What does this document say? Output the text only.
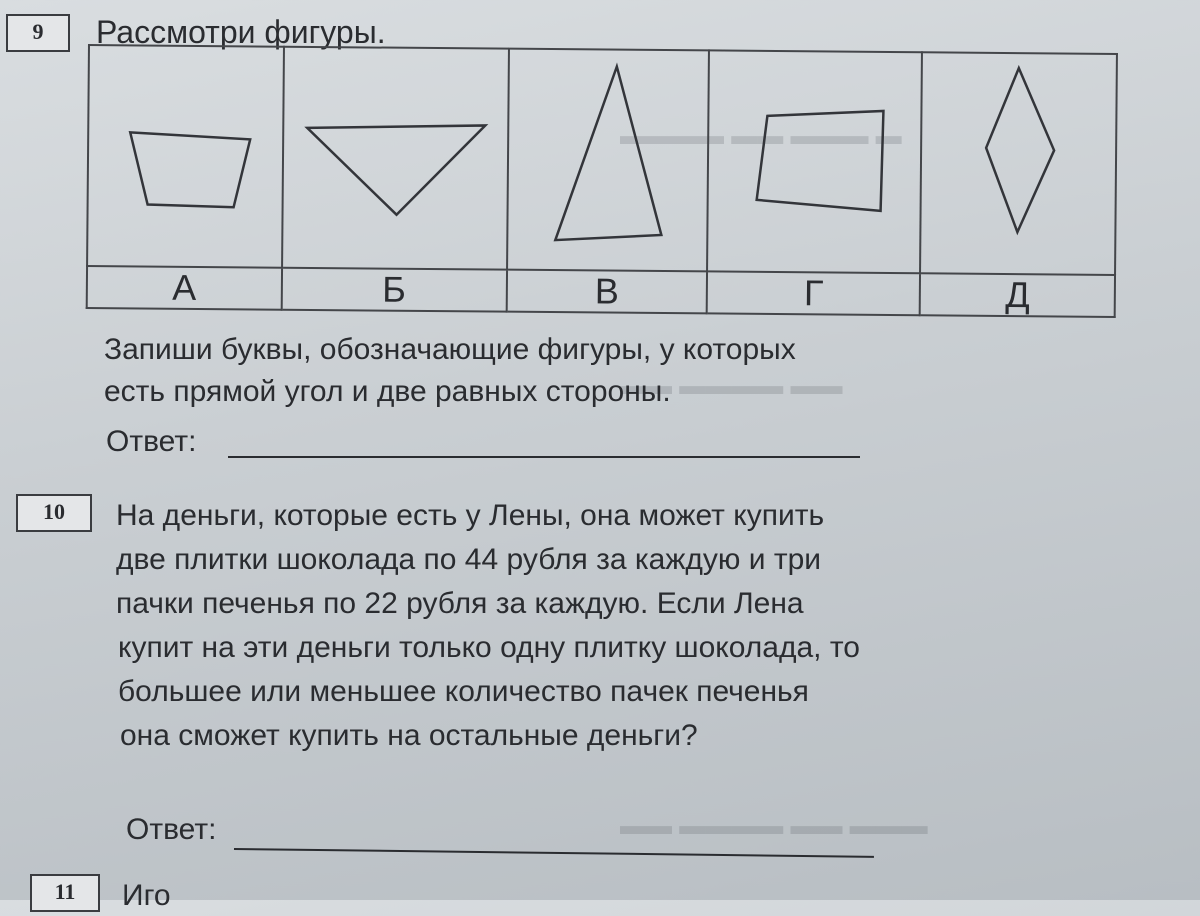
▬ ▬▬▬ ▬▬ ▬▬▬▬
▬▬ ▬▬▬▬ ▬▬
▬▬▬ ▬▬ ▬▬▬▬ ▬▬
9	Рассмотри фигуры.

А	Б	В	Г	Д
Запиши буквы, обозначающие фигуры, у которых
есть прямой угол и две равных стороны.
Ответ:
10	На деньги, которые есть у Лены, она может купить
две плитки шоколада по 44 рубля за каждую и три
пачки печенья по 22 рубля за каждую. Если Лена
купит на эти деньги только одну плитку шоколада, то
большее или меньшее количество пачек печенья
она сможет купить на остальные деньги?
Ответ:
11	Иго
